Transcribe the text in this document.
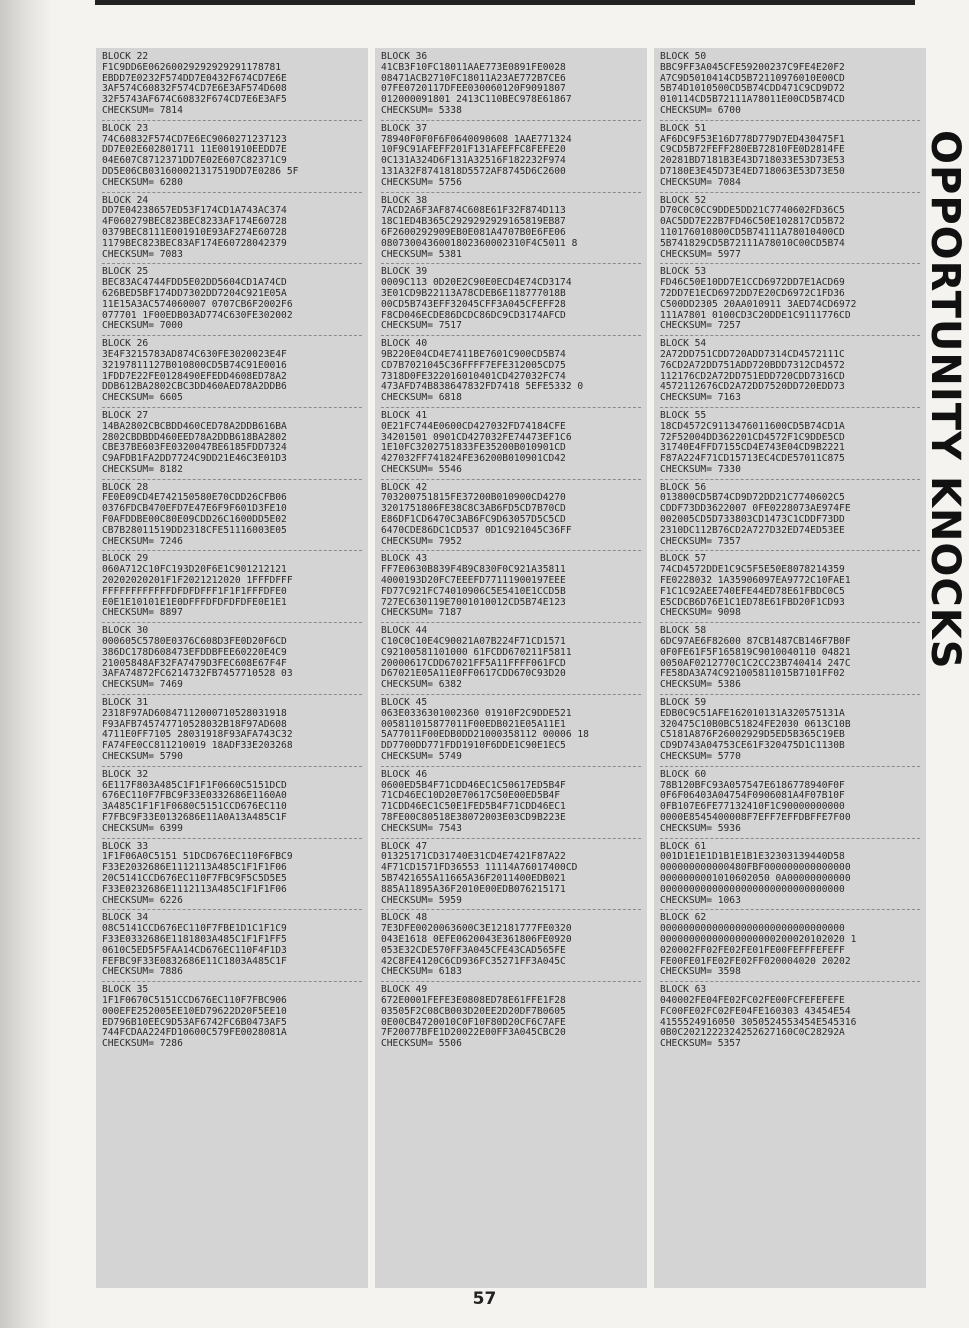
BLOCK 22
F1C9DD6E06260029292929291178781
EBDD7E0232F574DD7E0432F674CD7E6E
3AF574C60832F574CD7E6E3AF574D608
32F5743AF674C60832F674CD7E6E3AF5
CHECKSUM= 7814
BLOCK 23
74C60832F574CD7E6EC9060271237123
DD7E02E602801711 11E001910EEDD7E
04E607C8712371DD7E02E607C82371C9
DD5E06CB031600021317519DD7E0286 5F
CHECKSUM= 6280
BLOCK 24
DD7E04238657ED53F174CD1A743AC374
4F060279BEC823BEC8233AF174E60728
0379BEC8111E001910E93AF274E60728
1179BEC823BEC83AF174E60728042379
CHECKSUM= 7083
BLOCK 25
BEC83AC4744FDD5E02DD5604CD1A74CD
626BED5BF174DD7302DD7204C921E05A
11E15A3AC574060007 0707CB6F2002F6
077701 1F00EDB03AD774C630FE302002
CHECKSUM= 7000
BLOCK 26
3E4F3215783AD874C630FE3020023E4F
32197811127B010800CD5B74C91E0016
1FDD7E22FE0128490EFEDD4608ED78A2
DDB612BA2802CBC3DD460AED78A2DDB6
CHECKSUM= 6605
BLOCK 27
14BA2802CBCBDD460CED78A2DDB616BA
2802CBDBDD460EED78A2DDB618BA2802
CBE37BE603FE0320047BE6185FDD7324
C9AFDB1FA2DD7724C9DD21E46C3E01D3
CHECKSUM= 8182
BLOCK 28
FE0E09CD4E742150580E70CDD26CFB06
0376FDCB470EFD7E47E6F9F601D3FE10
F0AFDDBE00C80E09CDD26C1600DD5E02
CB7B28011519DD2318CFE51116003E05
CHECKSUM= 7246
BLOCK 29
060A712C10FC193D20F6E1C901212121
20202020201F1F2021212020 1FFFDFFF
FFFFFFFFFFFFDFDFDFFF1F1F1FFFDFE0
E0E1E10101E1E0DFFFDFDFDFDFE0E1E1
CHECKSUM= 8897
BLOCK 30
000605C5780E0376C608D3FE0D20F6CD
386DC178D608473EFDDBFEE60220E4C9
21005848AF32FA7479D3FEC608E67F4F
3AFA74872FC6214732FB7457710528 03
CHECKSUM= 7469
BLOCK 31
2318F97AD60847112000710528031918
F93AFB745747710528032B18F97AD608
4711E0FF7105 28031918F93AFA743C32
FA74FE0CC811210019 18ADF33E203268
CHECKSUM= 5790
BLOCK 32
6E117F803A485C1F1F1F0660C5151DCD
676EC110F7FBC9F33E0332686E1160A0
3A485C1F1F1F0680C5151CCD676EC110
F7FBC9F33E0132686E11A0A13A485C1F
CHECKSUM= 6399
BLOCK 33
1F1F06A0C5151 51DCD676EC110F6FBC9
F33E2032686E1112113A485C1F1F1F06
20C5141CCD676EC110F7FBC9F5C5D5E5
F33E0232686E1112113A485C1F1F1F06
CHECKSUM= 6226
BLOCK 34
08C5141CCD676EC110F7FBE1D1C1F1C9
F33E0332686E1181803A485C1F1F1FF5
0610C5ED5F5FAA14CD676EC110F4F1D3
FEFBC9F33E0832686E11C1803A485C1F
CHECKSUM= 7886
BLOCK 35
1F1F0670C5151CCD676EC110F7FBC906
000EFE252005EE10ED79622D20F5EE10
ED796B10EEC9D53AF6742FC6B0473AF5
744FCDAA224FD10600C579FE0028081A
CHECKSUM= 7286
BLOCK 36
41CB3F10FC18011AAE773E0891FE0028
08471ACB2710FC18011A23AE772B7CE6
07FE0720117DFEE030060120F9091807
012000091801 2413C110BEC978E61867
CHECKSUM= 5338
BLOCK 37
78940F0F0F6F0640090608 1AAE771324
10F9C91AFEFF201F131AFEFFC8FEFE20
0C131A324D6F131A32516F182232F974
131A32F8741818D5572AF8745D6C2600
CHECKSUM= 5756
BLOCK 38
7ACD2A6F3AF874C608E61F32F874D113
18C1ED4B365C2929292929165819EB87
6F2600292909EB0E081A4707B0E6FE06
0807300436001802360002310F4C5011 8
CHECKSUM= 5381
BLOCK 39
0009C113 0D20E2C90E0ECD4E74CD3174
3E01CD9B22113A78CDEB6E118777018B
00CD5B743EFF32045CFF3A045CFEFF28
F8CD046ECDE86DCDC86DC9CD3174AFCD
CHECKSUM= 7517
BLOCK 40
9B220E04CD4E7411BE7601C900CD5B74
CD7B7021045C36FFFF7EFE312005CD75
7318D0FE322016010401CD427032FC74
473AFD74B838647832FD7418 5EFE5332 0
CHECKSUM= 6818
BLOCK 41
0E21FC744E0600CD427032FD74184CFE
34201501 0901CD427032FE74473EF1C6
1E10FC3202751833FE35200B010901CD
427032FF741824FE36200B010901CD42
CHECKSUM= 5546
BLOCK 42
703200751815FE37200B010900CD4270
3201751806FE38C8C3AB6FD5CD7B70CD
E86DF1CD6470C3AB6FC9D63057D5C5CD
6470CDE86DC1CD537 0D1C921045C36FF
CHECKSUM= 7952
BLOCK 43
FF7E0630B839F4B9C830F0C921A35811
4000193D20FC7EEEFD77111900197EEE
FD77C921FC74010906C5E5410E1CCD5B
727EC630119E7001010012CD5B74E123
CHECKSUM= 7187
BLOCK 44
C10C0C10E4C90021A07B224F71CD1571
C92100581101000 61FCDD670211F5811
20000617CDD67021FF5A11FFFF061FCD
D67021E05A11E0FF0617CDD670C93D20
CHECKSUM= 6382
BLOCK 45
063E0336301002360 01910F2C9DDE521
005811015877011F00EDB021E05A11E1
5A77011F00EDB0DD21000358112 00006 18
DD7700DD771FDD1910F6DDE1C90E1EC5
CHECKSUM= 5749
BLOCK 46
0600ED5B4F71CDD46EC1C50617ED5B4F
71CD46EC10D20E70617C50E00ED5B4F
71CDD46EC1C50E1FED5B4F71CDD46EC1
78FE00C80518E38072003E03CD9B223E
CHECKSUM= 7543
BLOCK 47
01325171CD31740E31CD4E7421F87A22
4F71CD1571FD36553 11114A76017400CD
5B7421655A11665A36F2011400EDB021
885A11895A36F2010E00EDB076215171
CHECKSUM= 5959
BLOCK 48
7E3DFE0020063600C3E12181777FE0320
043E1618 0EFE0620043E361806FE0920
053E32CDE570FF3A045CFE43CAD565FE
42C8FE4120C6CD936FC35271FF3A045C
CHECKSUM= 6183
BLOCK 49
672E0001FEFE3E0808ED78E61FFE1F28
03505F2C08CB003D20EE2D20DF7B0605
0E00CB4720010C0F10F80D20CF6C7AFE
7F20077BFE1D20022E00FF3A045CBC20
CHECKSUM= 5506
BLOCK 50
BBC9FF3A045CFE59200237C9FE4E20F2
A7C9D5010414CD5B72110976010E00CD
5B74D1010500CD5B74CDD471C9CD9D72
010114CD5B72111A78011E00CD5B74CD
CHECKSUM= 6700
BLOCK 51
AF6DC9F53E16D778D779D7ED430475F1
C9CD5B72FEFF280EB72810FE0D2814FE
20281BD7181B3E43D718033E53D73E53
D7180E3E45D73E4ED718063E53D73E50
CHECKSUM= 7084
BLOCK 52
D70C0C0CC9DDE5DD21C7740602FD36C5
0AC5DD7E22B7FD46C50E102817CD5B72
110176010800CD5B74111A78010400CD
5B741829CD5B72111A78010C00CD5B74
CHECKSUM= 5977
BLOCK 53
FD46C50E10DD7E1CCD6972DD7E1ACD69
72DD7E1ECD6972DD7E20CD6972C1FD36
C500DD2305 20AA010911 3AED74CD6972
111A7801 0100CD3C20DDE1C9111776CD
CHECKSUM= 7257
BLOCK 54
2A72DD751CDD720ADD7314CD4572111C
76CD2A72DD751ADD720BDD7312CD4572
112176CD2A72DD751EDD720CDD7316CD
4572112676CD2A72DD7520DD720EDD73
CHECKSUM= 7163
BLOCK 55
18CD4572C9113476011600CD5B74CD1A
72F52004DD362201CD4572F1C9DDE5CD
31740E4FFD7155CD4E743E04CD9B2221
F87A224F71CD15713EC4CDE57011C875
CHECKSUM= 7330
BLOCK 56
013800CD5B74CD9D72DD21C7740602C5
CDDF73DD3622007 0FE0228073AE974FE
002005CD5D733803CD1473C1CDDF73DD
2310DC112B76CD2A727D32ED74ED53EE
CHECKSUM= 7357
BLOCK 57
74CD4572DDE1C9C5F5E50E8078214359
FE0228032 1A35906097EA9772C10FAE1
F1C1C92AEE740EFE44ED78E61FBDC0C5
E5CDCB6D76E1C1ED78E61FBD20F1CD93
CHECKSUM= 9098
BLOCK 58
6DC97AE6F82600 87CB1487CB146F7B0F
0F0FE61F5F165819C9010040110 04821
0050AF0212770C1C2CC23B740414 247C
FE58DA3A74C921005811015B7101FF02
CHECKSUM= 5386
BLOCK 59
EDB0C9C51AFE162010131A320575131A
320475C10B0BC51824FE2030 0613C10B
C5181A876F26002929D5ED5B365C19EB
CD9D743A04753CE61F320475D1C1130B
CHECKSUM= 5770
BLOCK 60
78B120BFC93A057547E6186778940F0F
0F6F06403A04754F0906081A4F07B10F
0FB107E6FE77132410F1C90000000000
0000E8545400008F7EFF7EFFDBFFE7F00
CHECKSUM= 5936
BLOCK 61
001D1E1E1D1B1E1B1E32303139440D58
000000000000480FBF000000000000000
0000000001010602050 0A00000000000
00000000000000000000000000000000
CHECKSUM= 1063
BLOCK 62
00000000000000000000000000000000
00000000000000000000200020102020 1
020002FF02FE02FE01FE00FEFFFEFEFF
FE00FE01FE02FE02FF020004020 20202
CHECKSUM= 3598
BLOCK 63
040002FE04FE02FC02FE00FCFEFEFEFE
FC00FE02FC02FE04FE160303 43454E54
4155524916050 3050524553454E545316
0B0C2021222324252627160C0C28292A
CHECKSUM= 5357
OPPORTUNITY KNOCKS
57
